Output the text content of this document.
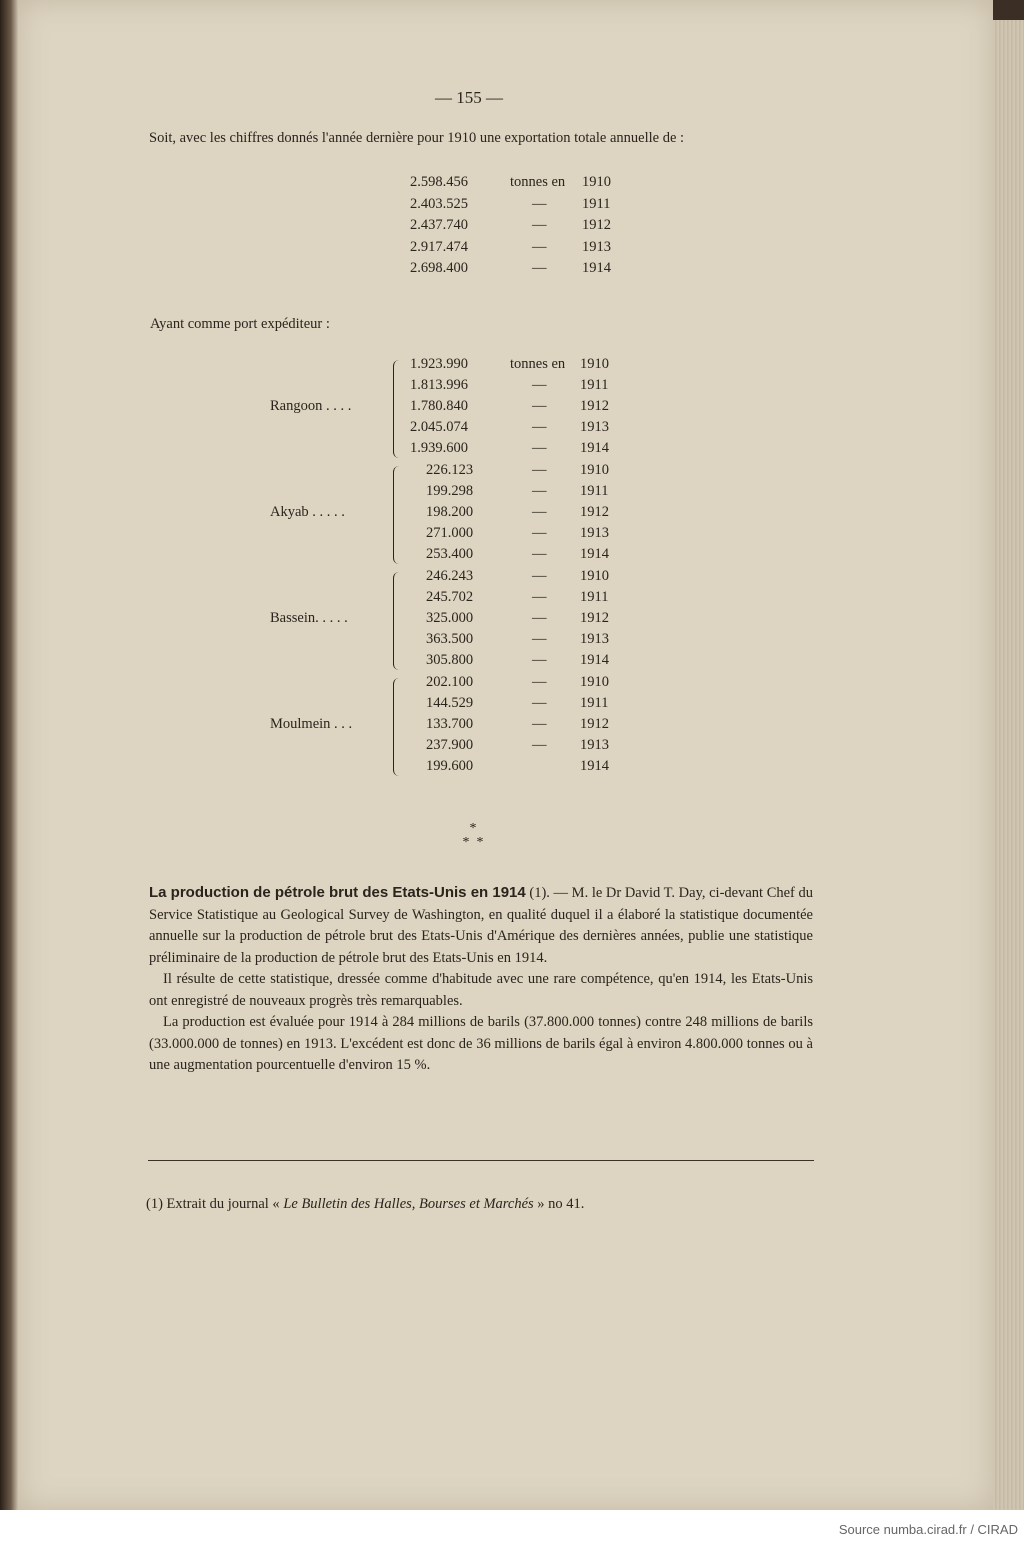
— 155 —
Soit, avec les chiffres donnés l'année dernière pour 1910 une exportation totale annuelle de :
2.598.456	tonnes en	1910
2.403.525	—	1911
2.437.740	—	1912
2.917.474	—	1913
2.698.400	—	1914
Ayant comme port expéditeur :
Rangoon . . . .
1.923.990	tonnes en 1910
1.813.996	— 1911
1.780.840	— 1912
2.045.074	— 1913
1.939.600	— 1914
Akyab . . . . .
226.123	— 1910
199.298	— 1911
198.200	— 1912
271.000	— 1913
253.400	— 1914
Bassein. . . . .
246.243	— 1910
245.702	— 1911
325.000	— 1912
363.500	— 1913
305.800	— 1914
Moulmein . . .
202.100	— 1910
144.529	— 1911
133.700	— 1912
237.900	— 1913
199.600	1914
*
*  *

La production de pétrole brut des Etats-Unis en 1914 (1). — M. le Dr David T. Day, ci-devant Chef du Service Statistique au Geological Survey de Washington, en qualité duquel il a élaboré la statistique documentée annuelle sur la production de pétrole brut des Etats-Unis d'Amérique des dernières années, publie une statistique préliminaire de la production de pétrole brut des Etats-Unis en 1914.

Il résulte de cette statistique, dressée comme d'habitude avec une rare compétence, qu'en 1914, les Etats-Unis ont enregistré de nouveaux progrès très remarquables.

La production est évaluée pour 1914 à 284 millions de barils (37.800.000 tonnes) contre 248 millions de barils (33.000.000 de tonnes) en 1913. L'excédent est donc de 36 millions de barils égal à environ 4.800.000 tonnes ou à une augmentation pourcentuelle d'environ 15 %.

(1) Extrait du journal « Le Bulletin des Halles, Bourses et Marchés » no 41.
Source numba.cirad.fr / CIRAD
